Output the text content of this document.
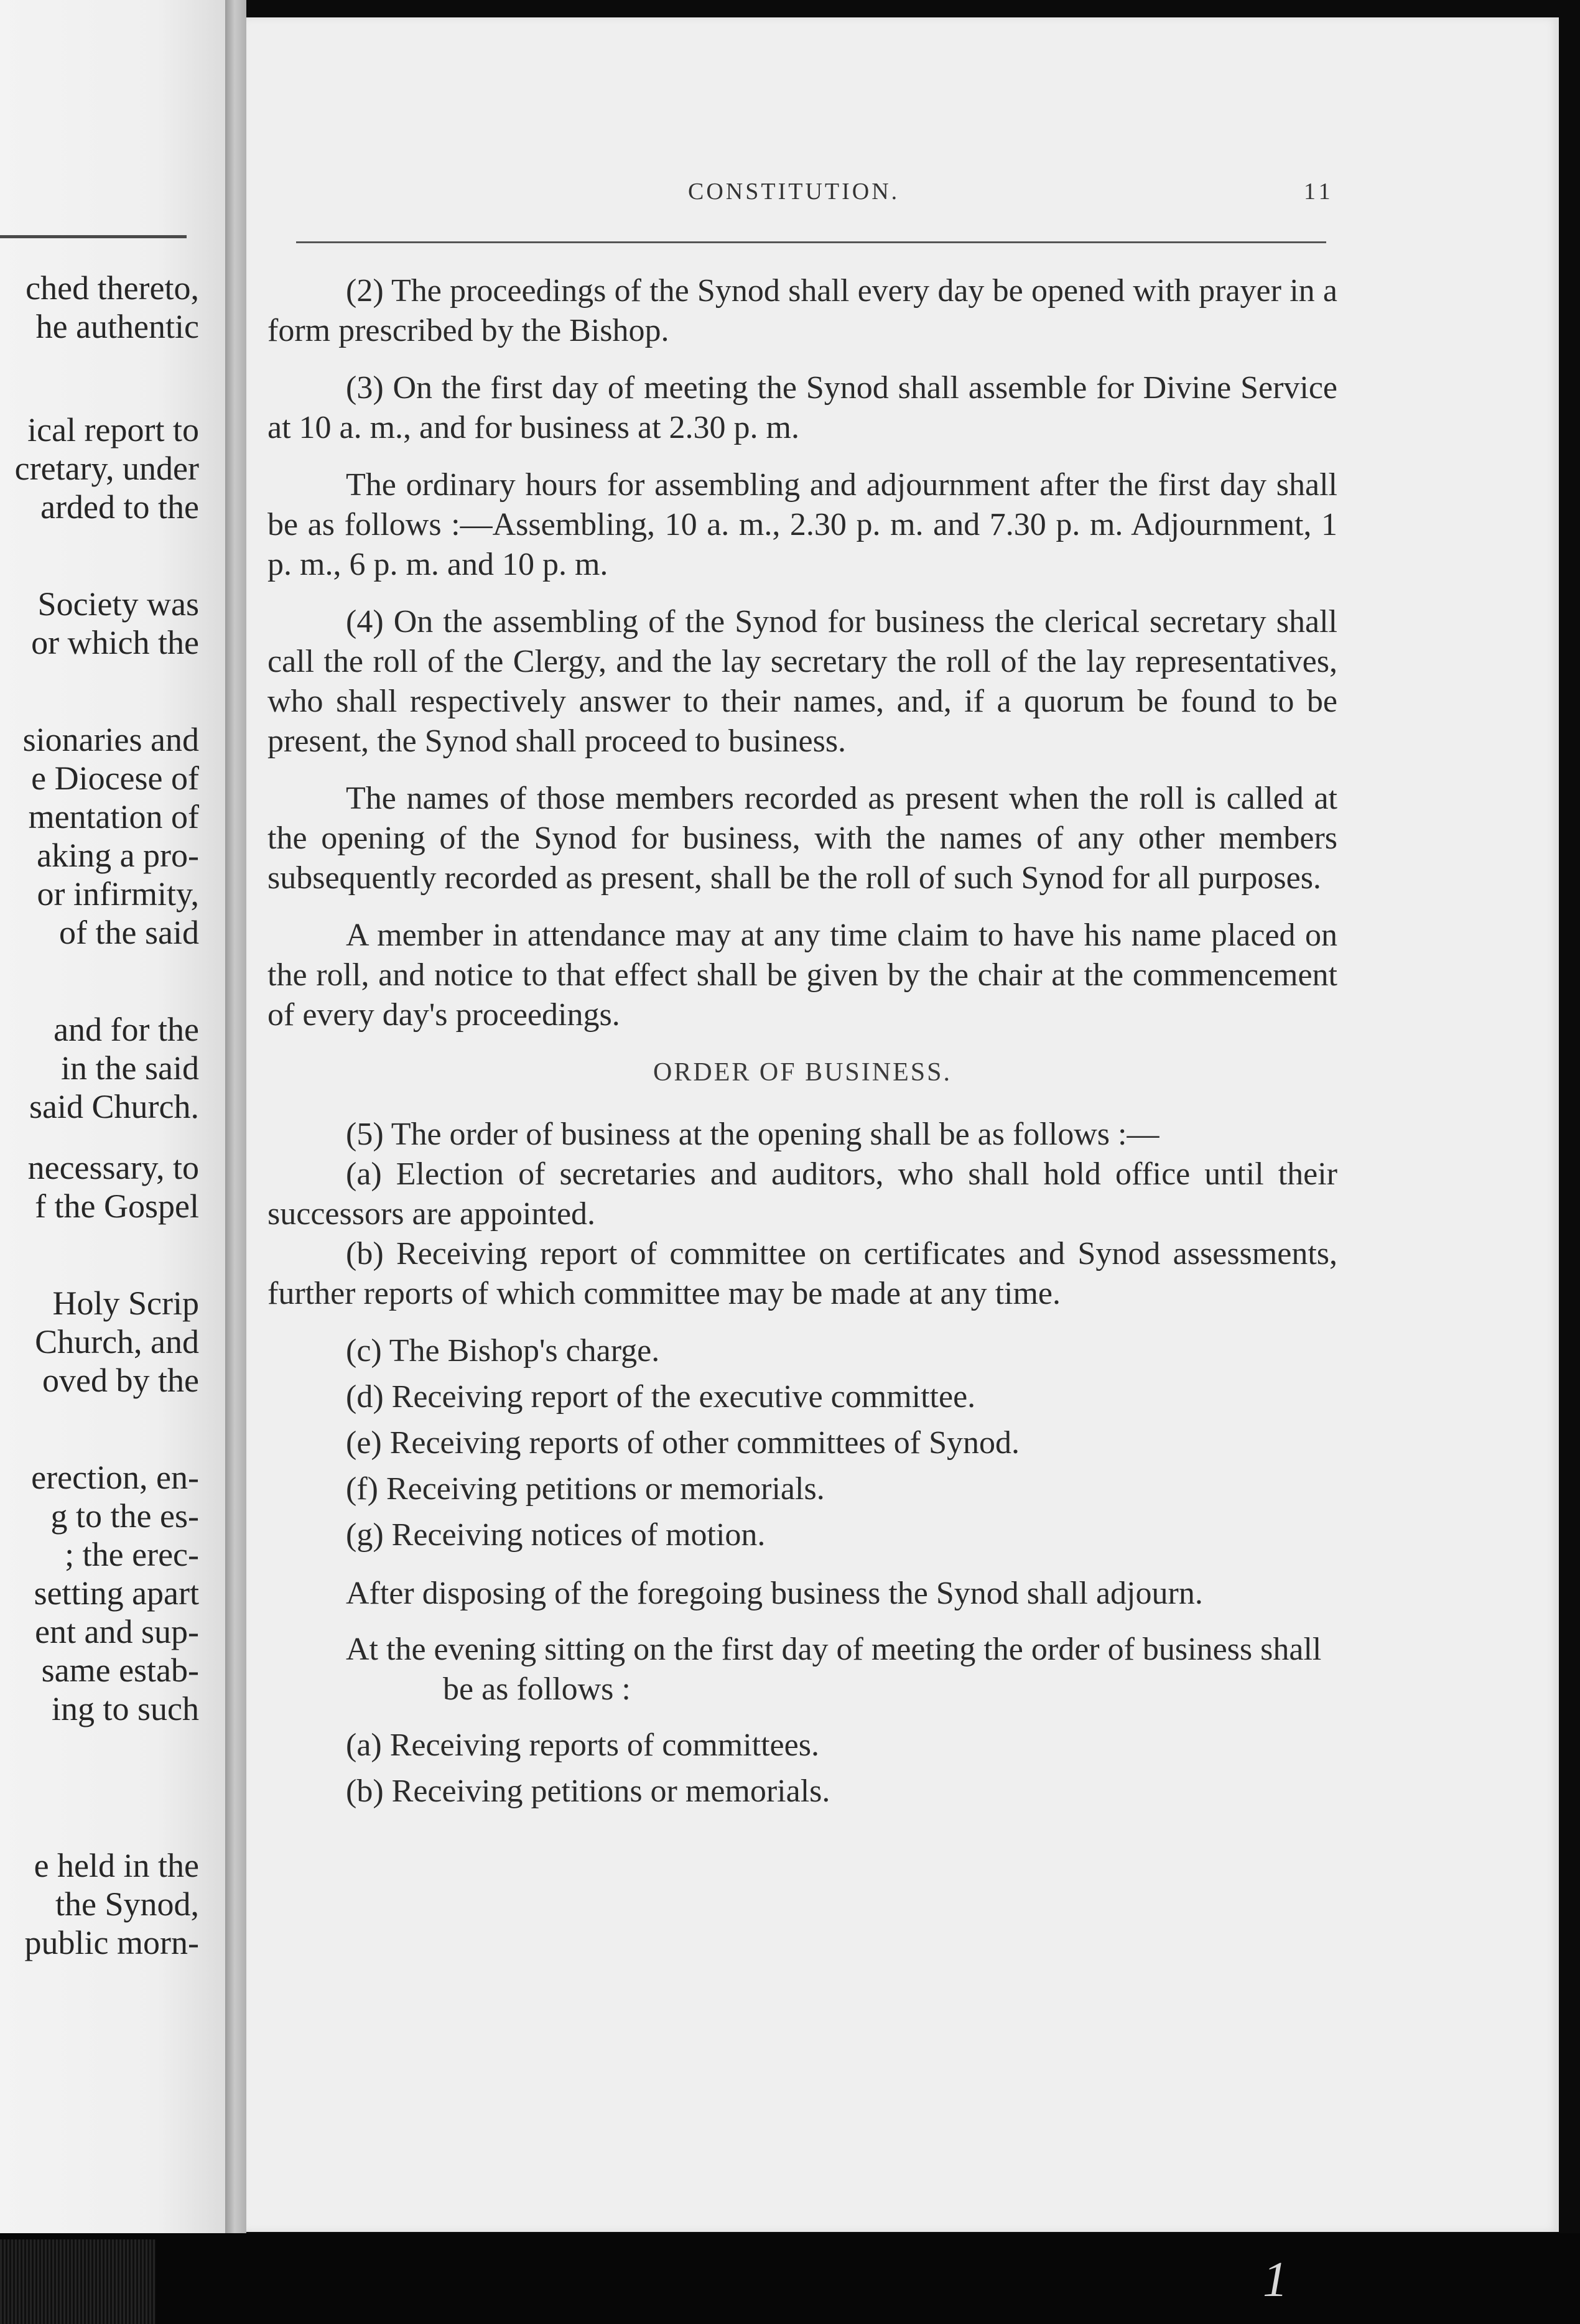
ched thereto,
he authentic
ical report to
cretary, under
arded to the
Society was
or which the
sionaries and
e Diocese of
mentation of
aking a pro-
or infirmity,
of the said
and for the
in the said
said Church.
necessary, to
f the Gospel
Holy Scrip
Church, and
oved by the
erection, en-
g to the es-
; the erec-
setting apart
ent and sup-
same estab-
ing to such
e held in the
the Synod,
public morn-
CONSTITUTION.	11

(2) The proceedings of the Synod shall every day be opened with prayer in a form prescribed by the Bishop.

(3) On the first day of meeting the Synod shall assemble for Divine Service at 10 a. m., and for business at 2.30 p. m.

The ordinary hours for assembling and adjournment after the first day shall be as follows :—Assembling, 10 a. m., 2.30 p. m. and 7.30 p. m. Adjournment, 1 p. m., 6 p. m. and 10 p. m.

(4) On the assembling of the Synod for business the clerical secretary shall call the roll of the Clergy, and the lay secretary the roll of the lay representatives, who shall respectively answer to their names, and, if a quorum be found to be present, the Synod shall proceed to business.

The names of those members recorded as present when the roll is called at the opening of the Synod for business, with the names of any other members subsequently recorded as present, shall be the roll of such Synod for all purposes.

A member in attendance may at any time claim to have his name placed on the roll, and notice to that effect shall be given by the chair at the commencement of every day's proceedings.

ORDER OF BUSINESS.

(5) The order of business at the opening shall be as follows :—

(a) Election of secretaries and auditors, who shall hold office until their successors are appointed.

(b) Receiving report of committee on certificates and Synod assessments, further reports of which committee may be made at any time.

(c) The Bishop's charge.

(d) Receiving report of the executive committee.

(e) Receiving reports of other committees of Synod.

(f) Receiving petitions or memorials.

(g) Receiving notices of motion.

After disposing of the foregoing business the Synod shall adjourn.

At the evening sitting on the first day of meeting the order of business shall be as follows :

(a) Receiving reports of committees.

(b) Receiving petitions or memorials.

1
